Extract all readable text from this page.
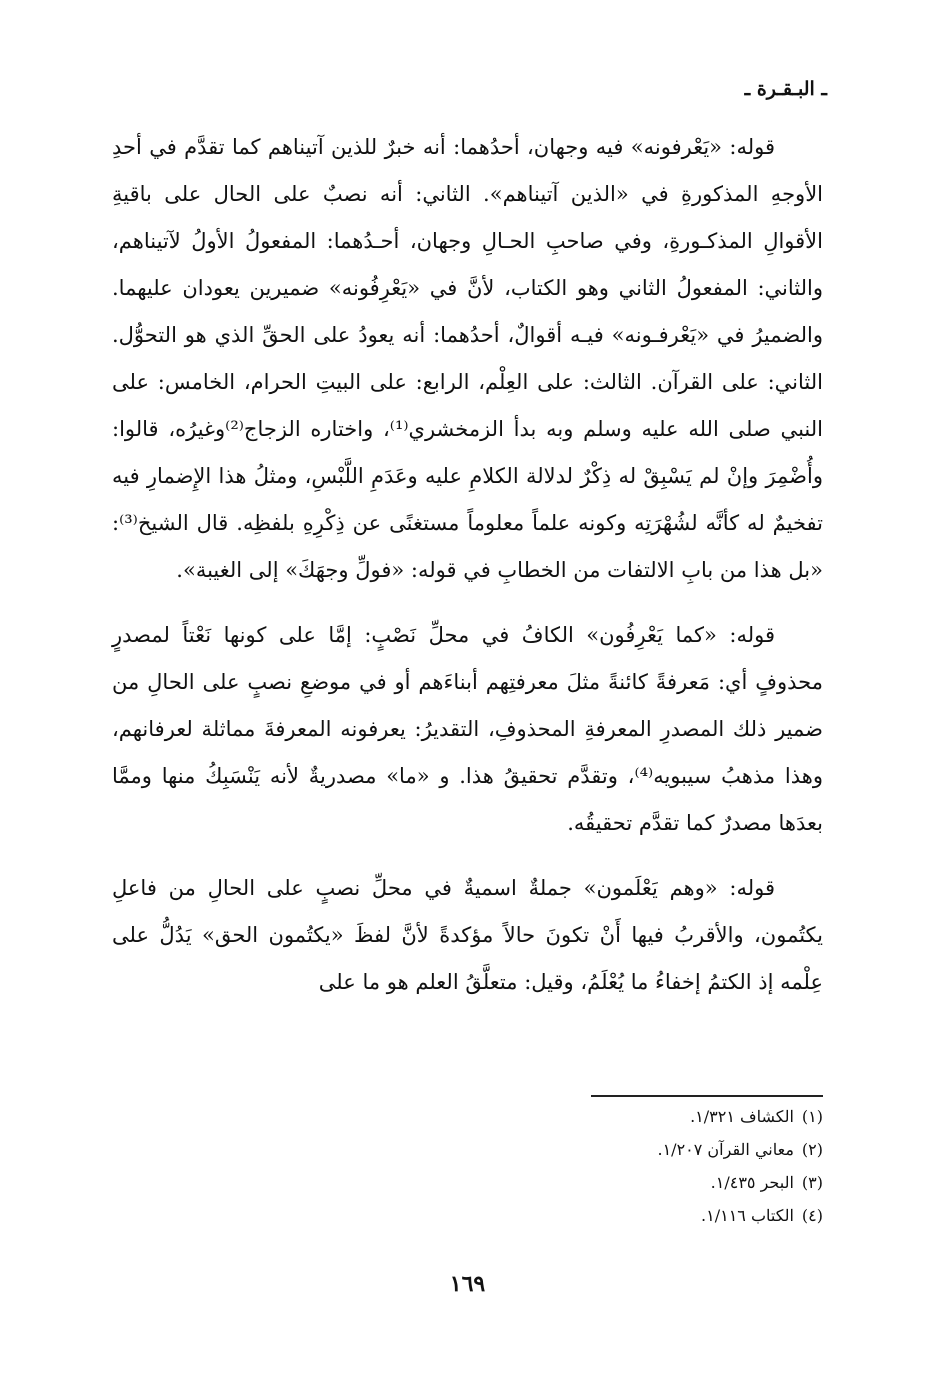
ـ البـقـرة ـ

قوله: «يَعْرفونه» فيه وجهان، أحدُهما: أنه خبرٌ للذين آتيناهم كما تقدَّم في أحدِ الأوجهِ المذكورةِ في «الذين آتيناهم». الثاني: أنه نصبٌ على الحال على باقيةِ الأقوالِ المذكـورةِ، وفي صاحبِ الحـالِ وجهان، أحـدُهما: المفعولُ الأولُ لآتيناهم، والثاني: المفعولُ الثاني وهو الكتاب، لأنَّ في «يَعْرِفُونه» ضميرين يعودان عليهما. والضميرُ في «يَعْرفـونه» فيـه أقوالٌ، أحدُهما: أنه يعودُ على الحقِّ الذي هو التحوُّل. الثاني: على القرآن. الثالث: على العِلْم، الرابع: على البيتِ الحرام، الخامس: على النبي صلى الله عليه وسلم وبه بدأ الزمخشري⁽¹⁾، واختاره الزجاج⁽²⁾وغيرُه، قالوا: وأُضْمِرَ وإنْ لم يَسْبِقْ له ذِكْرٌ لدلالة الكلامِ عليه وعَدَمِ اللَّبْسِ، ومثلُ هذا الإِضمارِ فيه تفخيمٌ له كأنَّه لشُهْرَتِه وكونه علماً معلوماً مستغنًى عن ذِكْرِهِ بلفظِه. قال الشيخ⁽³⁾: «بل هذا من بابِ الالتفات من الخطابِ في قوله: «فولِّ وجهَكَ» إلى الغيبة».

قوله: «كما يَعْرِفُون» الكافُ في محلِّ نَصْبٍ: إمَّا على كونها نَعْتاً لمصدرٍ محذوفٍ أي: مَعرفةً كائنةً مثلَ معرفتِهم أبناءَهم أو في موضعِ نصبٍ على الحالِ من ضمير ذلك المصدرِ المعرفةِ المحذوفِ، التقديرُ: يعرفونه المعرفةَ مماثلة لعرفانهم، وهذا مذهبُ سيبويه⁽⁴⁾، وتقدَّم تحقيقُ هذا. و «ما» مصدريةٌ لأنه يَنْسَبِكُ منها وممَّا بعدَها مصدرٌ كما تقدَّم تحقيقُه.

قوله: «وهم يَعْلَمون» جملةٌ اسميةٌ في محلِّ نصبٍ على الحالِ من فاعلِ يكتُمون، والأقربُ فيها أَنْ تكونَ حالاً مؤكدةً لأنَّ لفظَ «يكتُمون الحق» يَدُلُّ على عِلْمه إذ الكتمُ إخفاءُ ما يُعْلَمُ، وقيل: متعلَّقُ العلم هو ما على

(١)الكشاف ١/٣٢١.
(٢)معاني القرآن ١/٢٠٧.
(٣)البحر ١/٤٣٥.
(٤)الكتاب ١/١١٦.
١٦٩
